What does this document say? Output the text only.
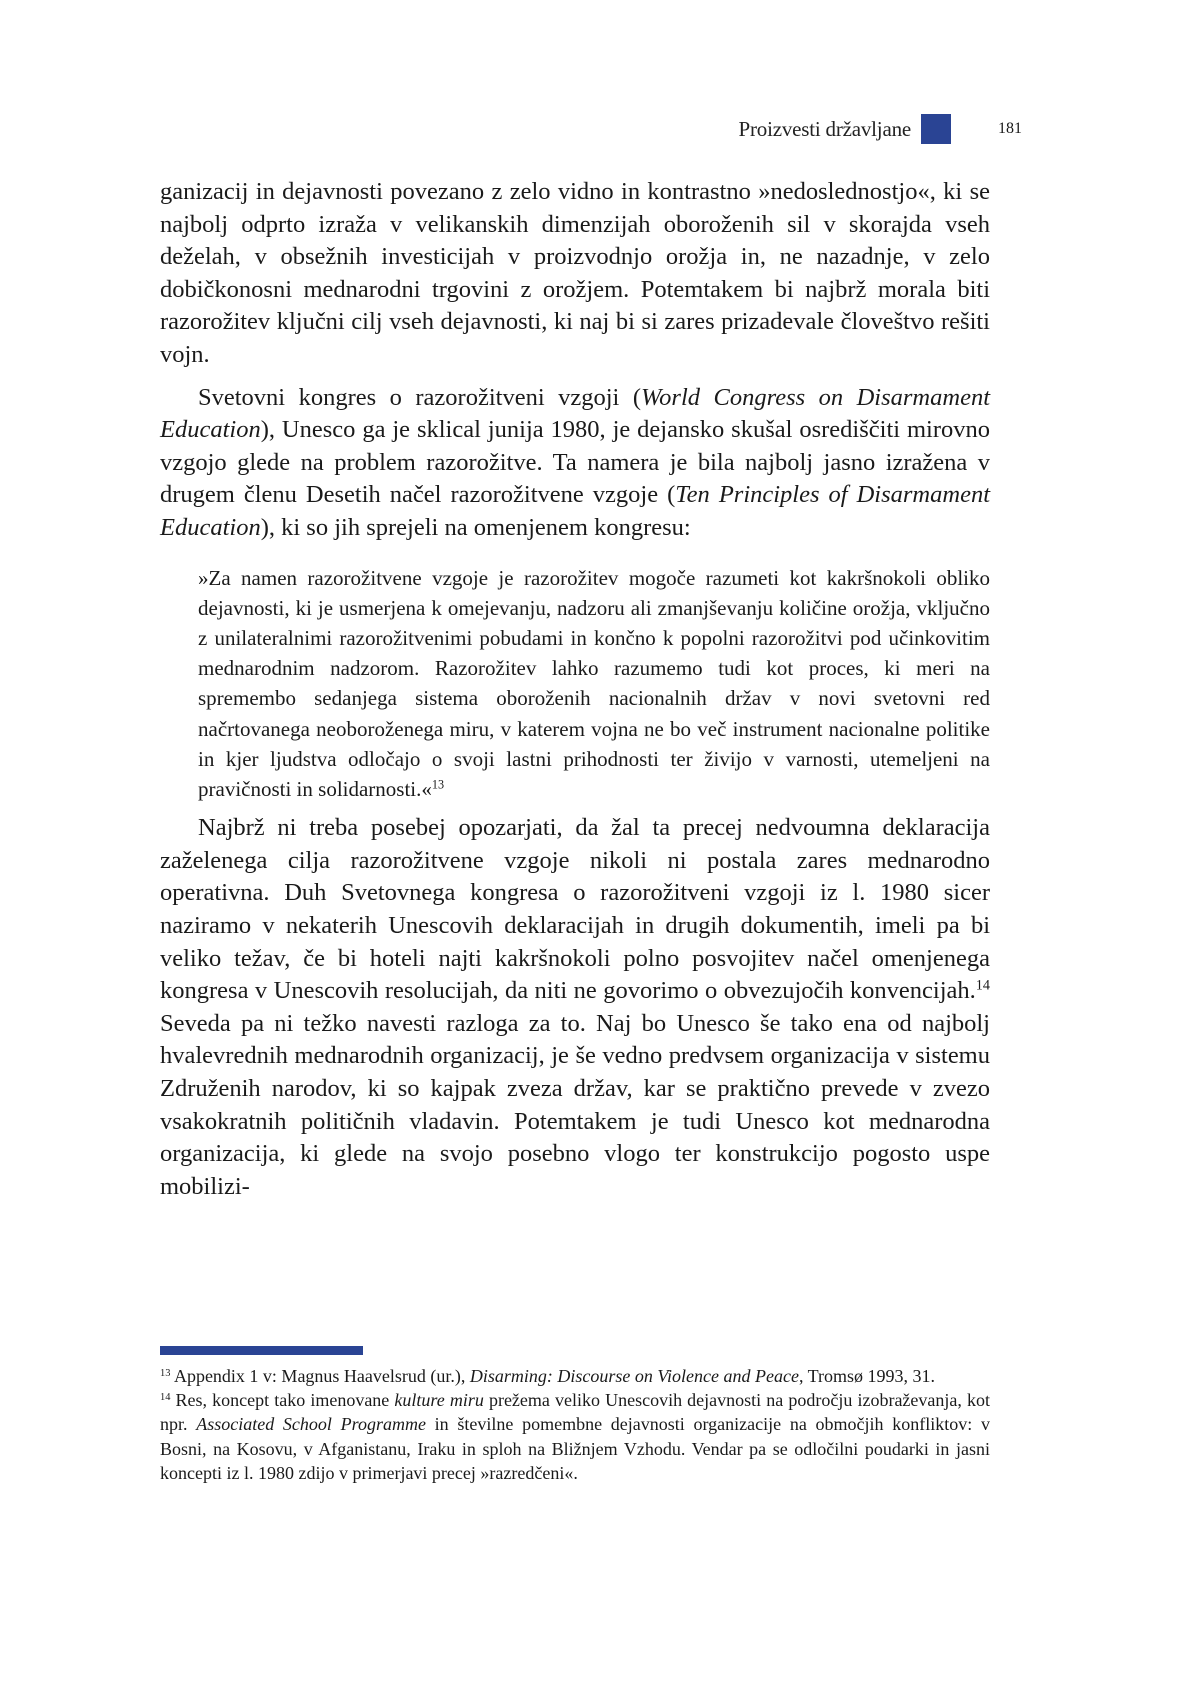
Proizvesti državljane	181

ganizacij in dejavnosti povezano z zelo vidno in kontrastno »nedoslednostjo«, ki se najbolj odprto izraža v velikanskih dimenzijah oboroženih sil v skorajda vseh deželah, v obsežnih investicijah v proizvodnjo orožja in, ne nazadnje, v zelo dobičkonosni mednarodni trgovini z orožjem. Potemtakem bi najbrž morala biti razorožitev ključni cilj vseh dejavnosti, ki naj bi si zares prizadevale človeštvo rešiti vojn.

Svetovni kongres o razorožitveni vzgoji (World Congress on Disarmament Education), Unesco ga je sklical junija 1980, je dejansko skušal osrediščiti mirovno vzgojo glede na problem razorožitve. Ta namera je bila najbolj jasno izražena v drugem členu Desetih načel razorožitvene vzgoje (Ten Principles of Disarmament Education), ki so jih sprejeli na omenjenem kongresu:

»Za namen razorožitvene vzgoje je razorožitev mogoče razumeti kot kakršnokoli obliko dejavnosti, ki je usmerjena k omejevanju, nadzoru ali zmanjševanju količine orožja, vključno z unilateralnimi razorožitvenimi pobudami in končno k popolni razorožitvi pod učinkovitim mednarodnim nadzorom. Razorožitev lahko razumemo tudi kot proces, ki meri na spremembo sedanjega sistema oboroženih nacionalnih držav v novi svetovni red načrtovanega neoboroženega miru, v katerem vojna ne bo več instrument nacionalne politike in kjer ljudstva odločajo o svoji lastni prihodnosti ter živijo v varnosti, utemeljeni na pravičnosti in solidarnosti.«$^{13}$

Najbrž ni treba posebej opozarjati, da žal ta precej nedvoumna deklaracija zaželenega cilja razorožitvene vzgoje nikoli ni postala zares mednarodno operativna. Duh Svetovnega kongresa o razorožitveni vzgoji iz l. 1980 sicer naziramo v nekaterih Unescovih deklaracijah in drugih dokumentih, imeli pa bi veliko težav, če bi hoteli najti kakršnokoli polno posvojitev načel omenjenega kongresa v Unescovih resolucijah, da niti ne govorimo o obvezujočih konvencijah.$^{14}$ Seveda pa ni težko navesti razloga za to. Naj bo Unesco še tako ena od najbolj hvalevrednih mednarodnih organizacij, je še vedno predvsem organizacija v sistemu Združenih narodov, ki so kajpak zveza držav, kar se praktično prevede v zvezo vsakokratnih političnih vladavin. Potemtakem je tudi Unesco kot mednarodna organizacija, ki glede na svojo posebno vlogo ter konstrukcijo pogosto uspe mobilizi-

$^{13}$ Appendix 1 v: Magnus Haavelsrud (ur.), Disarming: Discourse on Violence and Peace, Tromsø 1993, 31.

$^{14}$ Res, koncept tako imenovane kulture miru prežema veliko Unescovih dejavnosti na področju izobraževanja, kot npr. Associated School Programme in številne pomembne dejavnosti organizacije na območjih konfliktov: v Bosni, na Kosovu, v Afganistanu, Iraku in sploh na Bližnjem Vzhodu. Vendar pa se odločilni poudarki in jasni koncepti iz l. 1980 zdijo v primerjavi precej »razredčeni«.
